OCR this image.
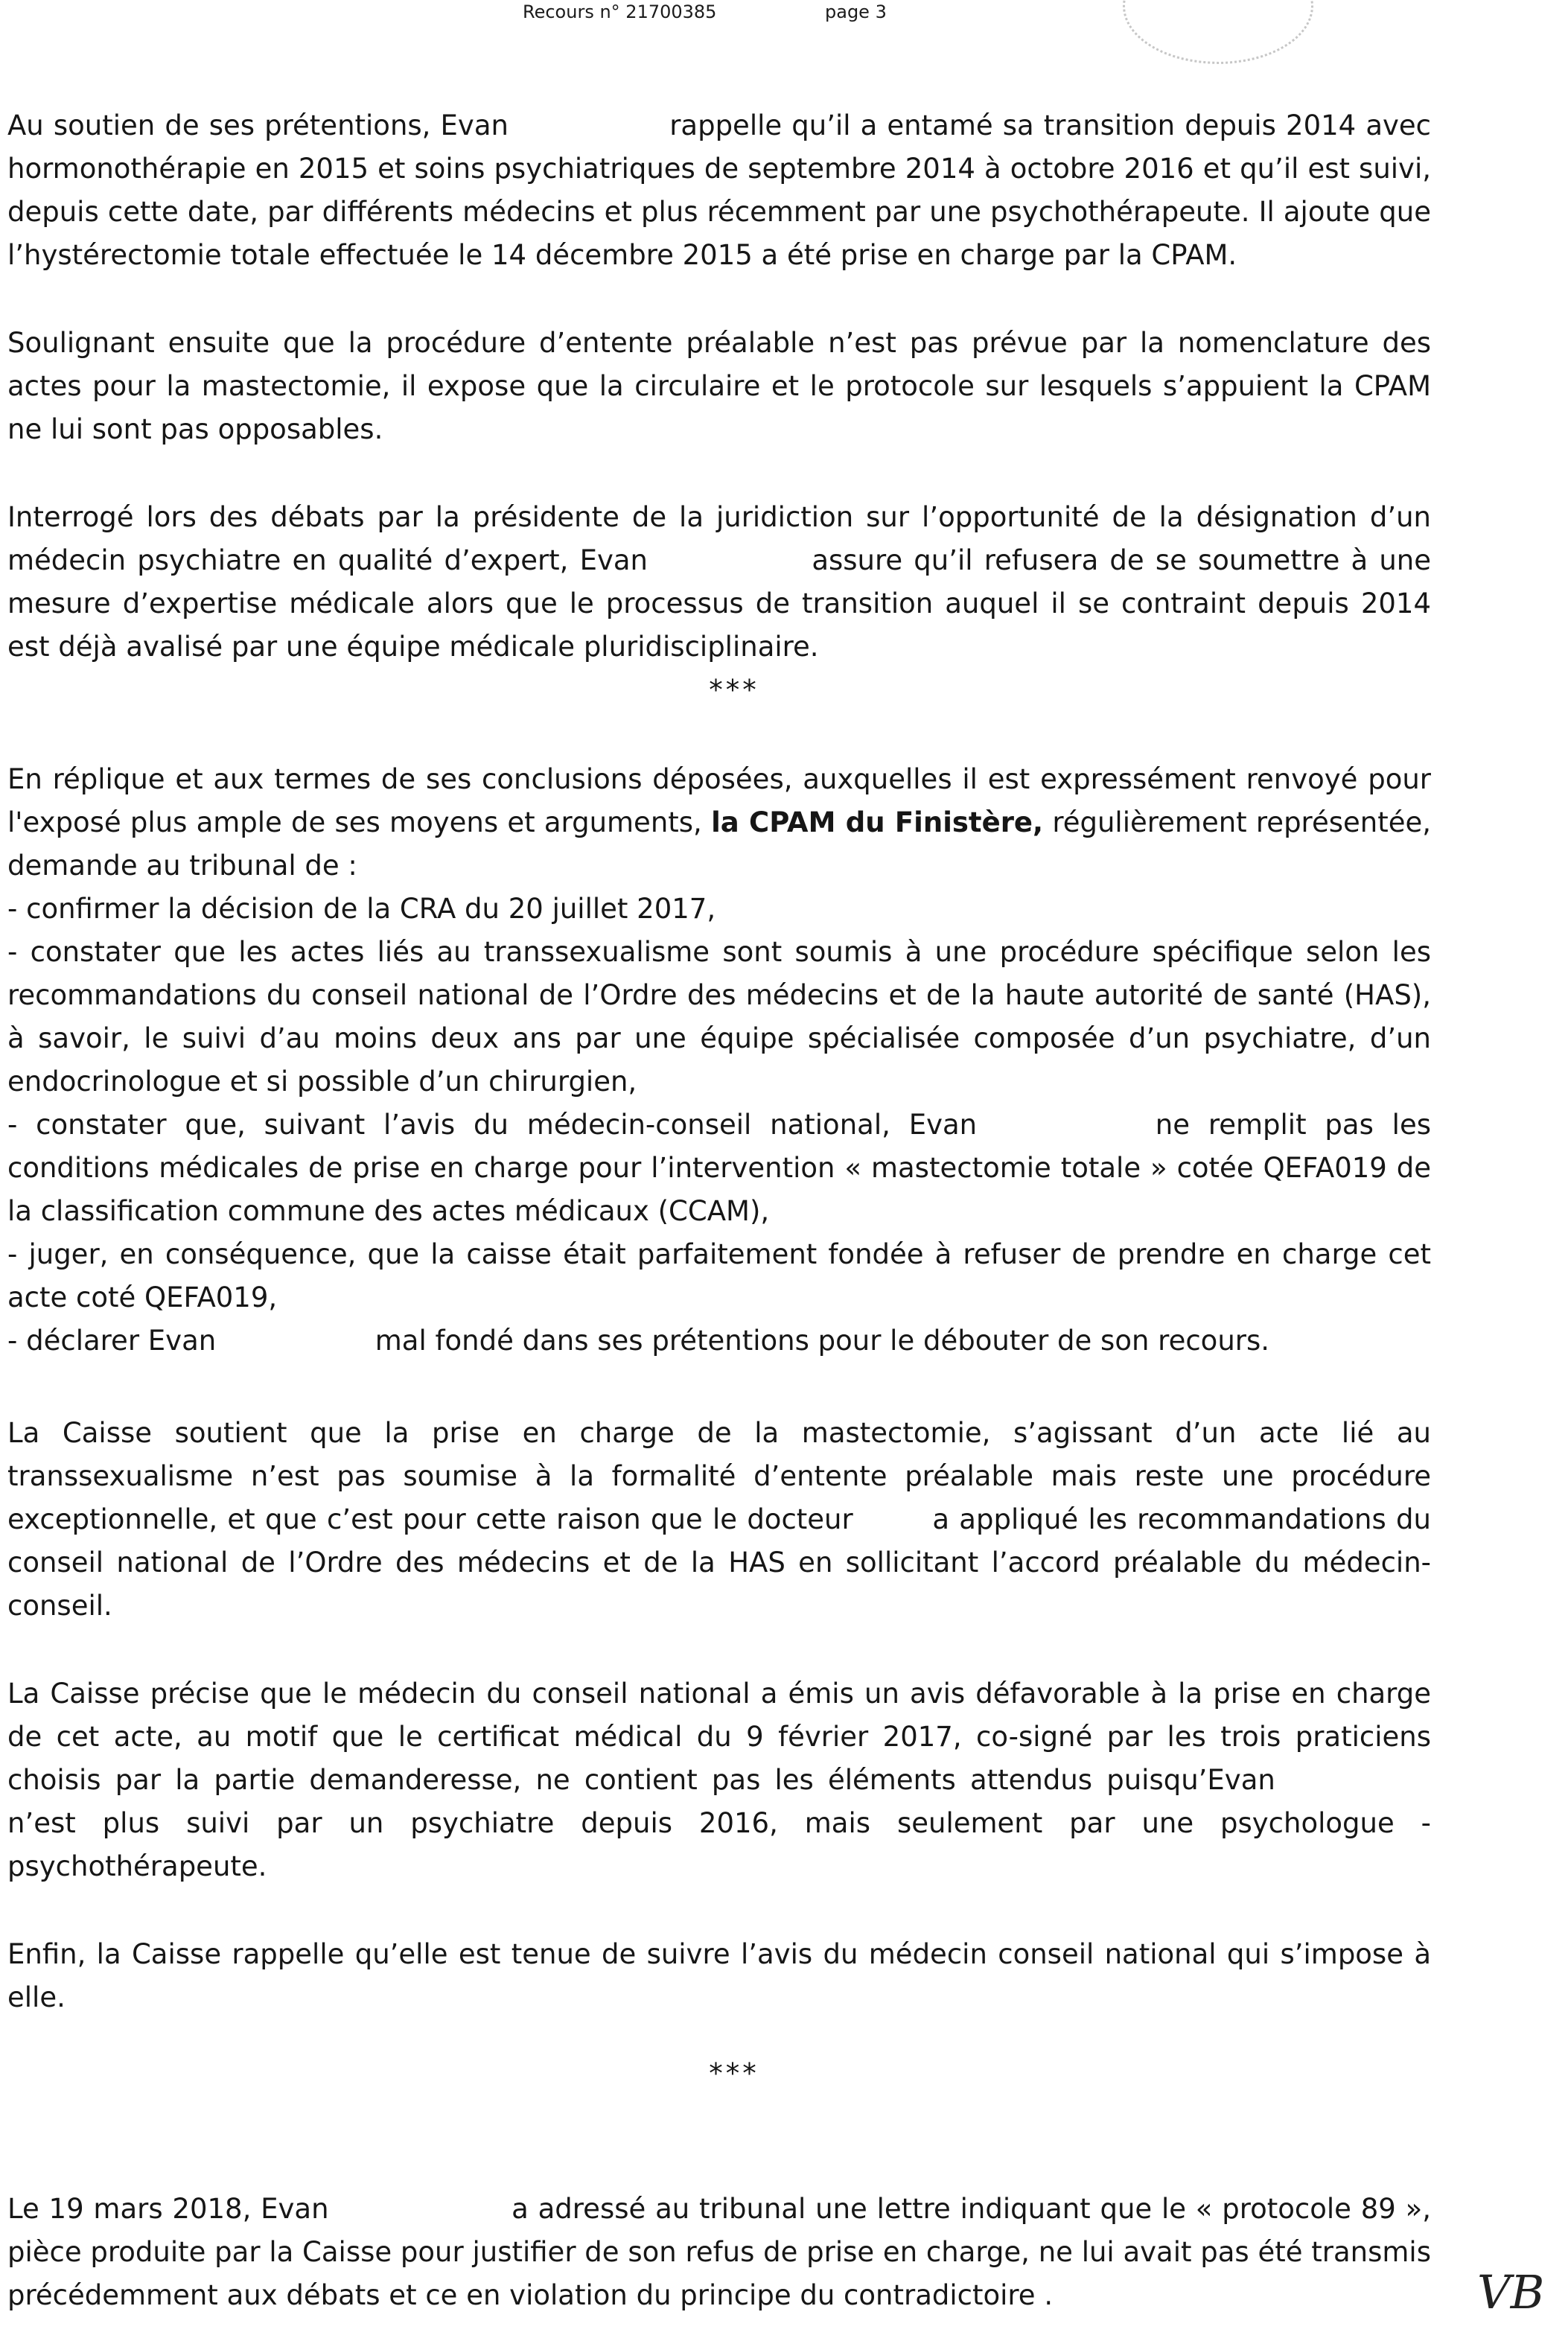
Recours n° 21700385	page 3

Au soutien de ses prétentions, Evan	rappelle qu’il a entamé sa transition depuis 2014 avec hormonothérapie en 2015 et soins psychiatriques de septembre 2014 à octobre 2016 et qu’il est suivi, depuis cette date, par différents médecins et plus récemment par une psychothérapeute. Il ajoute que l’hystérectomie totale effectuée le 14 décembre 2015 a été prise en charge par la CPAM.

Soulignant ensuite que la procédure d’entente préalable n’est pas prévue par la nomenclature des actes pour la mastectomie, il expose que la circulaire et le protocole sur lesquels s’appuient la CPAM ne lui sont pas opposables.

Interrogé lors des débats par la présidente de la juridiction sur l’opportunité de la désignation d’un médecin psychiatre en qualité d’expert, Evan	assure qu’il refusera de se soumettre à une mesure d’expertise médicale alors que le processus de transition auquel il se contraint depuis 2014 est déjà avalisé par une équipe médicale pluridisciplinaire.

***

En réplique et aux termes de ses conclusions déposées, auxquelles il est expressément renvoyé pour l'exposé plus ample de ses moyens et arguments, la CPAM du Finistère, régulièrement représentée, demande au tribunal de :

- confirmer la décision de la CRA du 20 juillet 2017,

- constater que les actes liés au transsexualisme sont soumis à une procédure spécifique selon les recommandations du conseil national de l’Ordre des médecins et de la haute autorité de santé (HAS), à savoir, le suivi d’au moins deux ans par une équipe spécialisée composée d’un psychiatre, d’un endocrinologue et si possible d’un chirurgien,

- constater que, suivant l’avis du médecin-conseil national, Evan	ne remplit pas les conditions médicales de prise en charge pour l’intervention « mastectomie totale » cotée QEFA019 de la classification commune des actes médicaux (CCAM),

- juger, en conséquence, que la caisse était parfaitement fondée à refuser de prendre en charge cet acte coté QEFA019,

- déclarer Evan	mal fondé dans ses prétentions pour le débouter de son recours.

La Caisse soutient que la prise en charge de la mastectomie, s’agissant d’un acte lié au transsexualisme n’est pas soumise à la formalité d’entente préalable mais reste une procédure exceptionnelle, et que c’est pour cette raison que le docteur	a appliqué les recommandations du conseil national de l’Ordre des médecins et de la HAS en sollicitant l’accord préalable du médecin-conseil.

La Caisse précise que le médecin du conseil national a émis un avis défavorable à la prise en charge de cet acte, au motif que le certificat médical du 9 février 2017, co-signé par les trois praticiens choisis par la partie demanderesse, ne contient pas les éléments attendus puisqu’Evan  n’est plus suivi par un psychiatre depuis 2016, mais seulement par une psychologue -psychothérapeute.

Enfin, la Caisse rappelle qu’elle est tenue de suivre l’avis du médecin conseil national qui s’impose à elle.

***

Le 19 mars 2018, Evan	a adressé au tribunal une lettre indiquant que le « protocole 89 », pièce produite par la Caisse pour justifier de son refus de prise en charge, ne lui avait pas été transmis précédemment aux débats et ce en violation du principe du contradictoire .	VB
